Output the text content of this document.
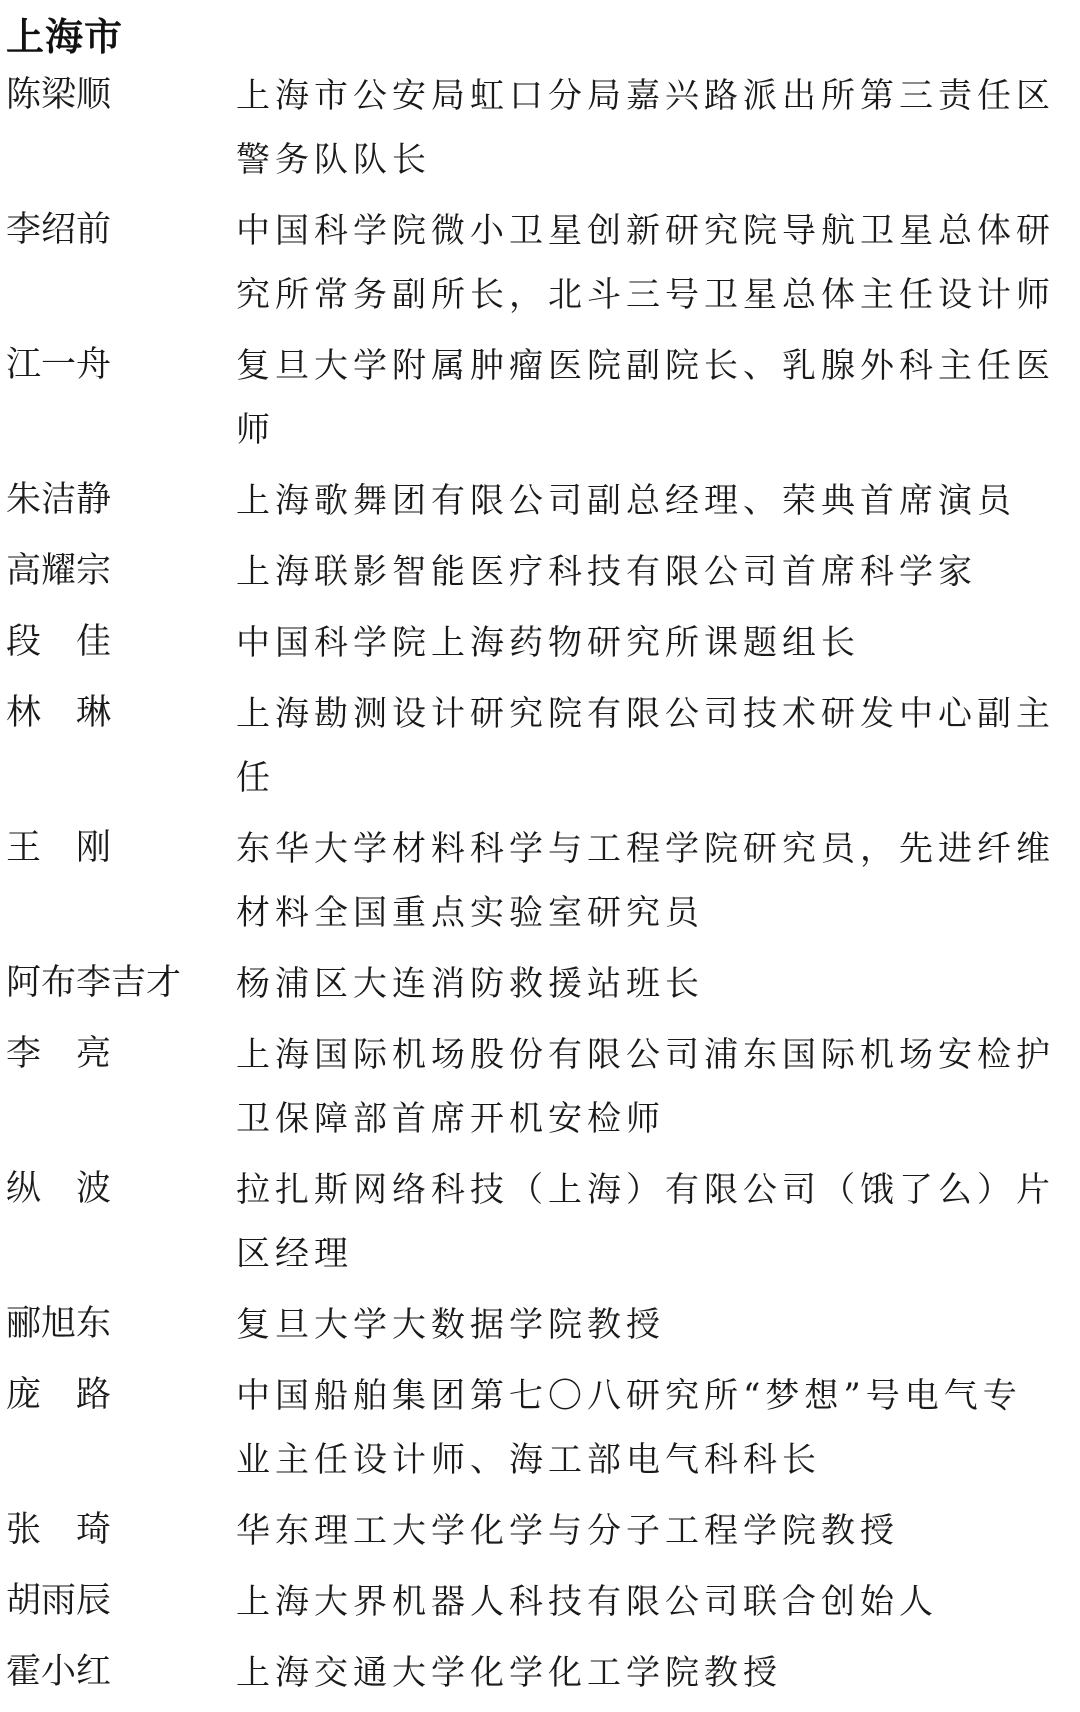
上海市
陈梁顺	上海市公安局虹口分局嘉兴路派出所第三责任区警务队队长
李绍前	中国科学院微小卫星创新研究院导航卫星总体研究所常务副所长，北斗三号卫星总体主任设计师
江一舟	复旦大学附属肿瘤医院副院长、乳腺外科主任医师
朱洁静	上海歌舞团有限公司副总经理、荣典首席演员
高耀宗	上海联影智能医疗科技有限公司首席科学家
段　佳	中国科学院上海药物研究所课题组长
林　琳	上海勘测设计研究院有限公司技术研发中心副主任
王　刚	东华大学材料科学与工程学院研究员，先进纤维材料全国重点实验室研究员
阿布李吉才	杨浦区大连消防救援站班长
李　亮	上海国际机场股份有限公司浦东国际机场安检护卫保障部首席开机安检师
纵　波	拉扎斯网络科技（上海）有限公司（饿了么）片区经理
郦旭东	复旦大学大数据学院教授
庞　路	中国船舶集团第七〇八研究所“梦想”号电气专业主任设计师、海工部电气科科长
张　琦	华东理工大学化学与分子工程学院教授
胡雨辰	上海大界机器人科技有限公司联合创始人
霍小红	上海交通大学化学化工学院教授
